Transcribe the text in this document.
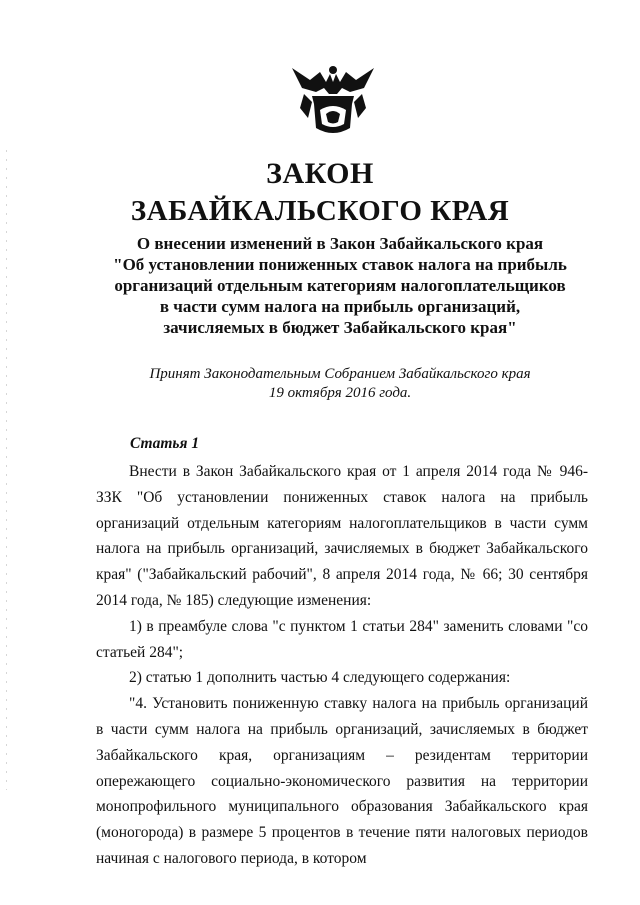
ЗАКОН
ЗАБАЙКАЛЬСКОГО КРАЯ
О внесении изменений в Закон Забайкальского края
"Об установлении пониженных ставок налога на прибыль
организаций отдельным категориям налогоплательщиков
в части сумм налога на прибыль организаций,
зачисляемых в бюджет Забайкальского края"
Принят Законодательным Собранием Забайкальского края
19 октября 2016 года.

Статья 1

Внести в Закон Забайкальского края от 1 апреля 2014 года № 946-ЗЗК "Об установлении пониженных ставок налога на прибыль организаций отдельным категориям налогоплательщиков в части сумм налога на прибыль организаций, зачисляемых в бюджет Забайкальского края" ("Забайкальский рабочий", 8 апреля 2014 года, № 66; 30 сентября 2014 года, № 185) следующие изменения:

1) в преамбуле слова "с пунктом 1 статьи 284" заменить словами "со статьей 284";

2) статью 1 дополнить частью 4 следующего содержания:

"4. Установить пониженную ставку налога на прибыль организаций в части сумм налога на прибыль организаций, зачисляемых в бюджет Забайкальского края, организациям – резидентам территории опережающего социально-экономического развития на территории монопрофильного муниципального образования Забайкальского края (моногорода) в размере 5 процентов в течение пяти налоговых периодов начиная с налогового периода, в котором
